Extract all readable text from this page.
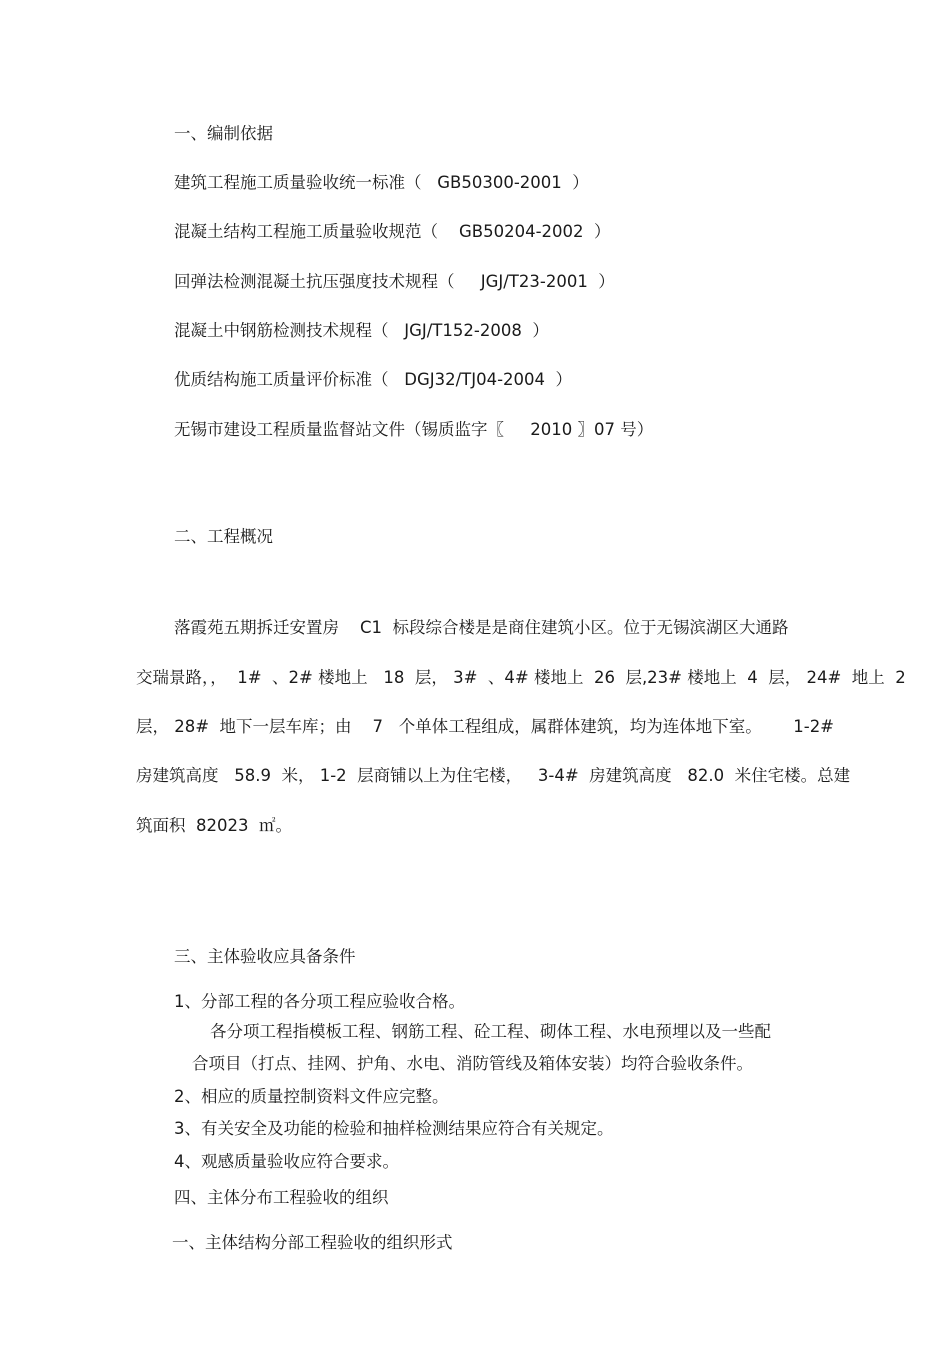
一、编制依据
建筑工程施工质量验收统一标准（   GB50300-2001  ）
混凝土结构工程施工质量验收规范（    GB50204-2002  ）
回弹法检测混凝土抗压强度技术规程（     JGJ/T23-2001  ）
混凝土中钢筋检测技术规程（   JGJ/T152-2008  ）
优质结构施工质量评价标准（   DGJ32/TJ04-2004  ）
无锡市建设工程质量监督站文件（锡质监字〖     2010 〗07 号）
二、工程概况
落霞苑五期拆迁安置房    C1  标段综合楼是是商住建筑小区。位于无锡滨湖区大通路
交瑞景路，，  1#  、2# 楼地上   18  层， 3#  、4# 楼地上  26  层,23# 楼地上  4  层， 24#  地上  2
层， 28#  地下一层车库；由    7   个单体工程组成，属群体建筑，均为连体地下室。      1-2#
房建筑高度   58.9  米， 1-2  层商铺以上为住宅楼，   3-4#  房建筑高度   82.0  米住宅楼。总建
筑面积  82023  ㎡。
三、主体验收应具备条件
1、分部工程的各分项工程应验收合格。
各分项工程指模板工程、钢筋工程、砼工程、砌体工程、水电预埋以及一些配
合项目（打点、挂网、护角、水电、消防管线及箱体安装）均符合验收条件。
2、相应的质量控制资料文件应完整。
3、有关安全及功能的检验和抽样检测结果应符合有关规定。
4、观感质量验收应符合要求。
四、主体分布工程验收的组织
一、主体结构分部工程验收的组织形式
